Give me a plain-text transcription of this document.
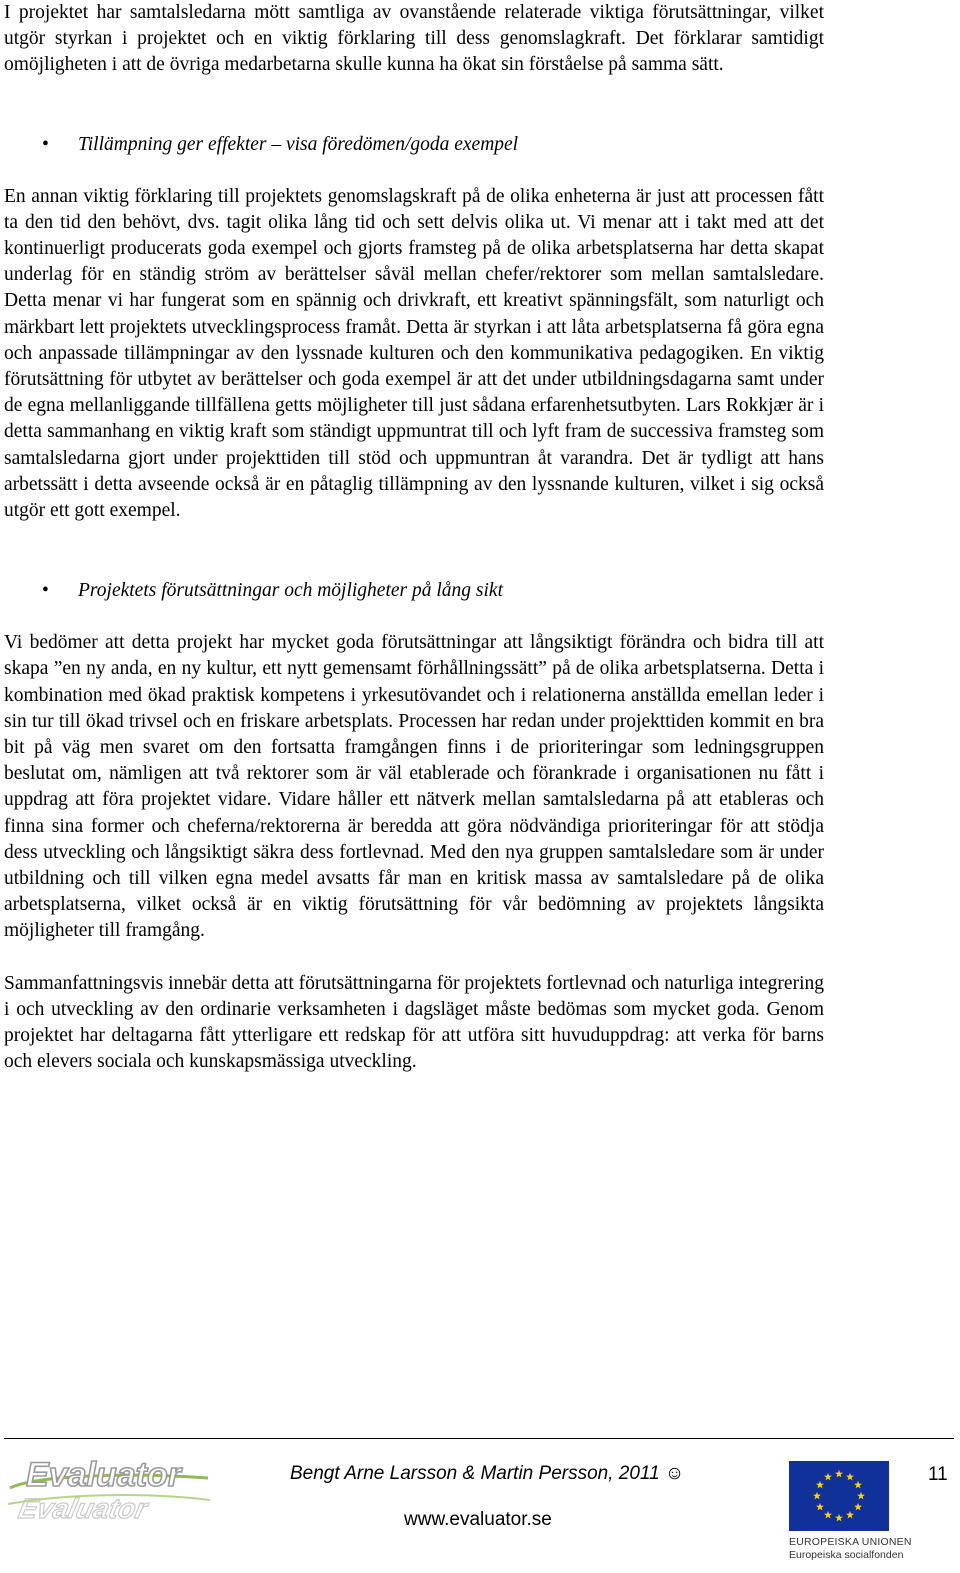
I projektet har samtalsledarna mött samtliga av ovanstående relaterade viktiga förutsättningar, vilket utgör styrkan i projektet och en viktig förklaring till dess genomslagkraft. Det förklarar samtidigt omöjligheten i att de övriga medarbetarna skulle kunna ha ökat sin förståelse på samma sätt.

• Tillämpning ger effekter – visa föredömen/goda exempel

En annan viktig förklaring till projektets genomslagskraft på de olika enheterna är just att processen fått ta den tid den behövt, dvs. tagit olika lång tid och sett delvis olika ut. Vi menar att i takt med att det kontinuerligt producerats goda exempel och gjorts framsteg på de olika arbetsplatserna har detta skapat underlag för en ständig ström av berättelser såväl mellan chefer/rektorer som mellan samtalsledare. Detta menar vi har fungerat som en spännig och drivkraft, ett kreativt spänningsfält, som naturligt och märkbart lett projektets utvecklingsprocess framåt. Detta är styrkan i att låta arbetsplatserna få göra egna och anpassade tillämpningar av den lyssnade kulturen och den kommunikativa pedagogiken. En viktig förutsättning för utbytet av berättelser och goda exempel är att det under utbildningsdagarna samt under de egna mellanliggande tillfällena getts möjligheter till just sådana erfarenhetsutbyten. Lars Rokkjær är i detta sammanhang en viktig kraft som ständigt uppmuntrat till och lyft fram de successiva framsteg som samtalsledarna gjort under projekttiden till stöd och uppmuntran åt varandra. Det är tydligt att hans arbetssätt i detta avseende också är en påtaglig tillämpning av den lyssnande kulturen, vilket i sig också utgör ett gott exempel.

• Projektets förutsättningar och möjligheter på lång sikt

Vi bedömer att detta projekt har mycket goda förutsättningar att långsiktigt förändra och bidra till att skapa ”en ny anda, en ny kultur, ett nytt gemensamt förhållningssätt” på de olika arbetsplatserna. Detta i kombination med ökad praktisk kompetens i yrkesutövandet och i relationerna anställda emellan leder i sin tur till ökad trivsel och en friskare arbetsplats. Processen har redan under projekttiden kommit en bra bit på väg men svaret om den fortsatta framgången finns i de prioriteringar som ledningsgruppen beslutat om, nämligen att två rektorer som är väl etablerade och förankrade i organisationen nu fått i uppdrag att föra projektet vidare. Vidare håller ett nätverk mellan samtalsledarna på att etableras och finna sina former och cheferna/rektorerna är beredda att göra nödvändiga prioriteringar för att stödja dess utveckling och långsiktigt säkra dess fortlevnad. Med den nya gruppen samtalsledare som är under utbildning och till vilken egna medel avsatts får man en kritisk massa av samtalsledare på de olika arbetsplatserna, vilket också är en viktig förutsättning för vår bedömning av projektets långsikta möjligheter till framgång.

Sammanfattningsvis innebär detta att förutsättningarna för projektets fortlevnad och naturliga integrering i och utveckling av den ordinarie verksamheten i dagsläget måste bedömas som mycket goda. Genom projektet har deltagarna fått ytterligare ett redskap för att utföra sitt huvuduppdrag: att verka för barns och elevers sociala och kunskapsmässiga utveckling.

Evaluator
Evaluator
Bengt Arne Larsson & Martin Persson, 2011 ☺
www.evaluator.se
EUROPEISKA UNIONEN
Europeiska socialfonden
11
